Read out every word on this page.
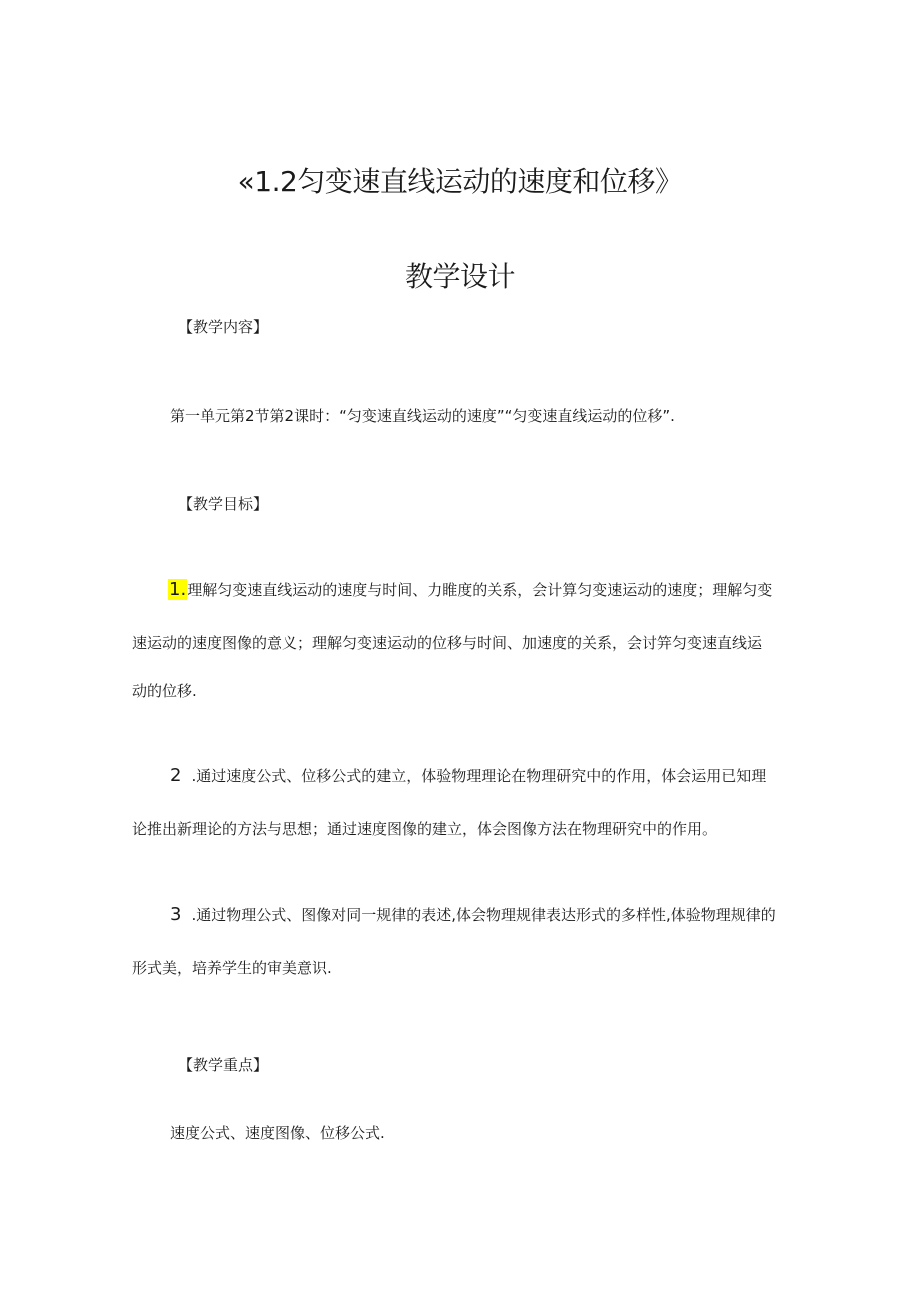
«1.2匀变速直线运动的速度和位移》
教学设计
【教学内容】
第一单元第2节第2课时：“匀变速直线运动的速度”“匀变速直线运动的位移”.
【教学目标】
1.理解匀变速直线运动的速度与时间、力睢度的关系，会计算匀变速运动的速度；理解匀变
速运动的速度图像的意义；理解匀变速运动的位移与时间、加速度的关系，会讨笄匀变速直线运
动的位移.
2 .通过速度公式、位移公式的建立，体验物理理论在物理研究中的作用，体会运用已知理
论推出新理论的方法与思想；通过速度图像的建立，体会图像方法在物理研究中的作用。
3 .通过物理公式、图像对同一规律的表述,体会物理规律表达形式的多样性,体验物理规律的
形式美，培养学生的审美意识.
【教学重点】
速度公式、速度图像、位移公式.
